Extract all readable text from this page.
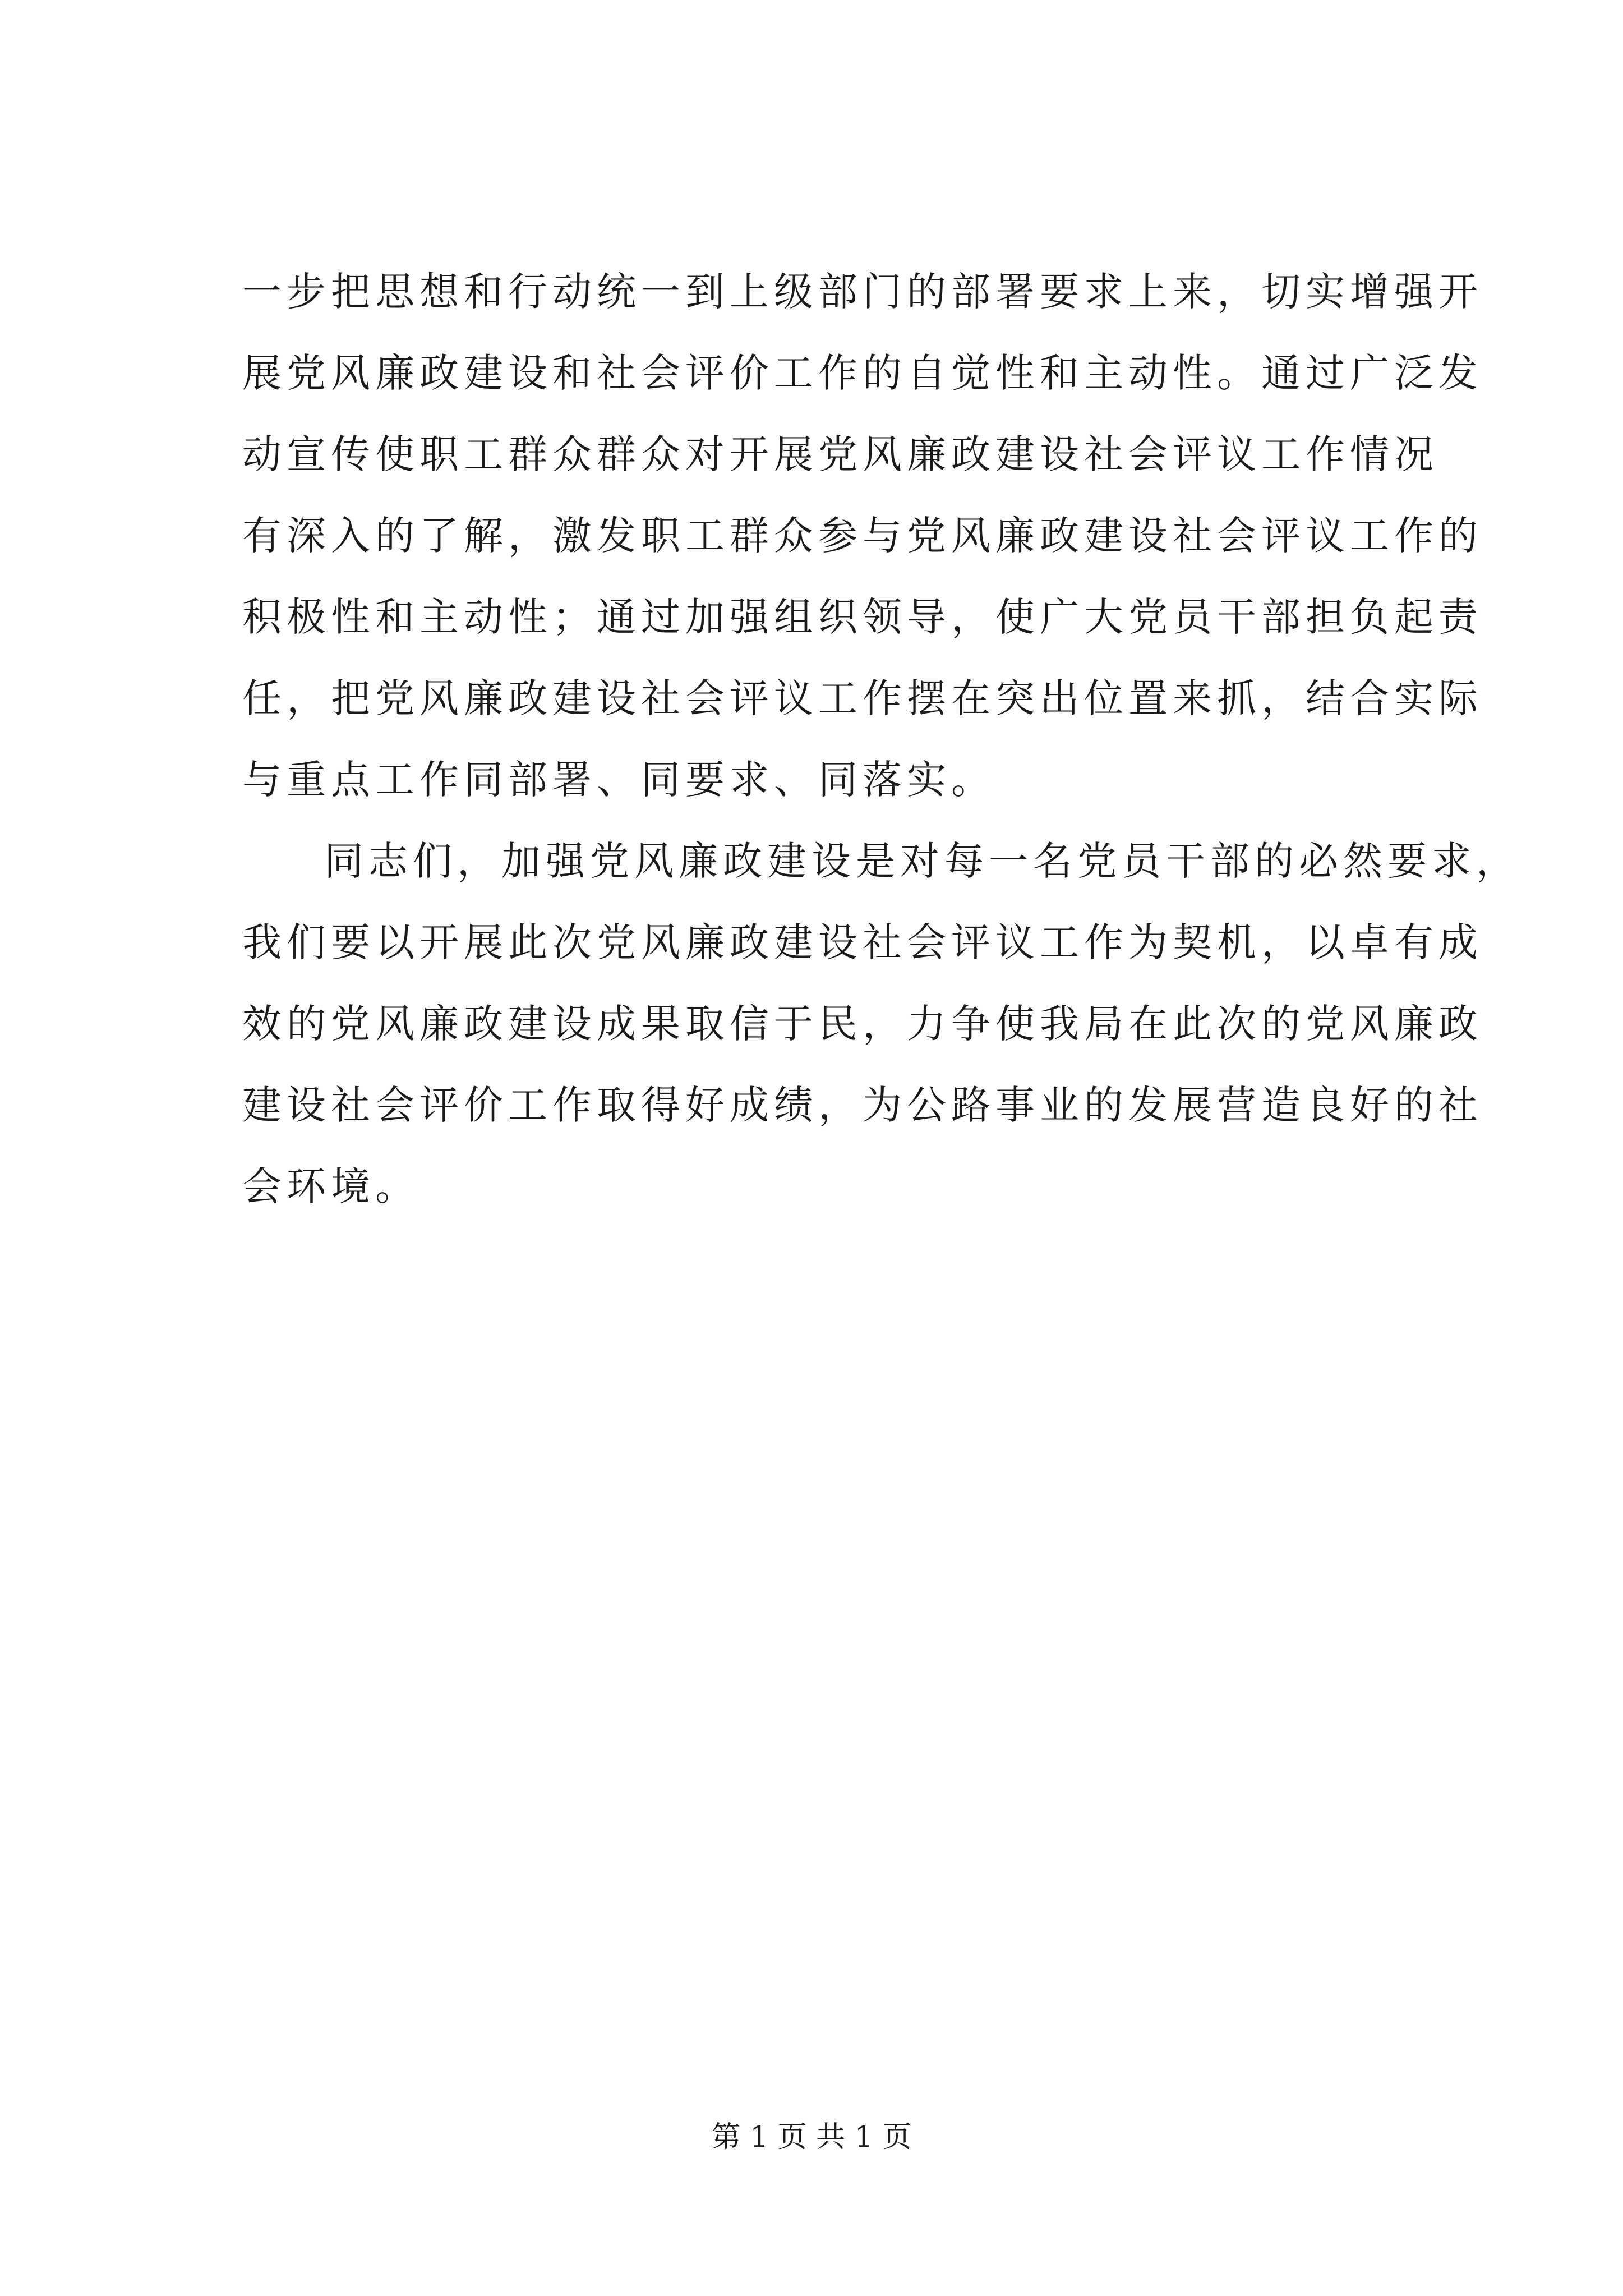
一步把思想和行动统一到上级部门的部署要求上来，切实增强开
展党风廉政建设和社会评价工作的自觉性和主动性。通过广泛发
动宣传使职工群众群众对开展党风廉政建设社会评议工作情况
有深入的了解，激发职工群众参与党风廉政建设社会评议工作的
积极性和主动性；通过加强组织领导，使广大党员干部担负起责
任，把党风廉政建设社会评议工作摆在突出位置来抓，结合实际
与重点工作同部署、同要求、同落实。
同志们，加强党风廉政建设是对每一名党员干部的必然要求，
我们要以开展此次党风廉政建设社会评议工作为契机，以卓有成
效的党风廉政建设成果取信于民，力争使我局在此次的党风廉政
建设社会评价工作取得好成绩，为公路事业的发展营造良好的社
会环境。
第 1 页 共 1 页
